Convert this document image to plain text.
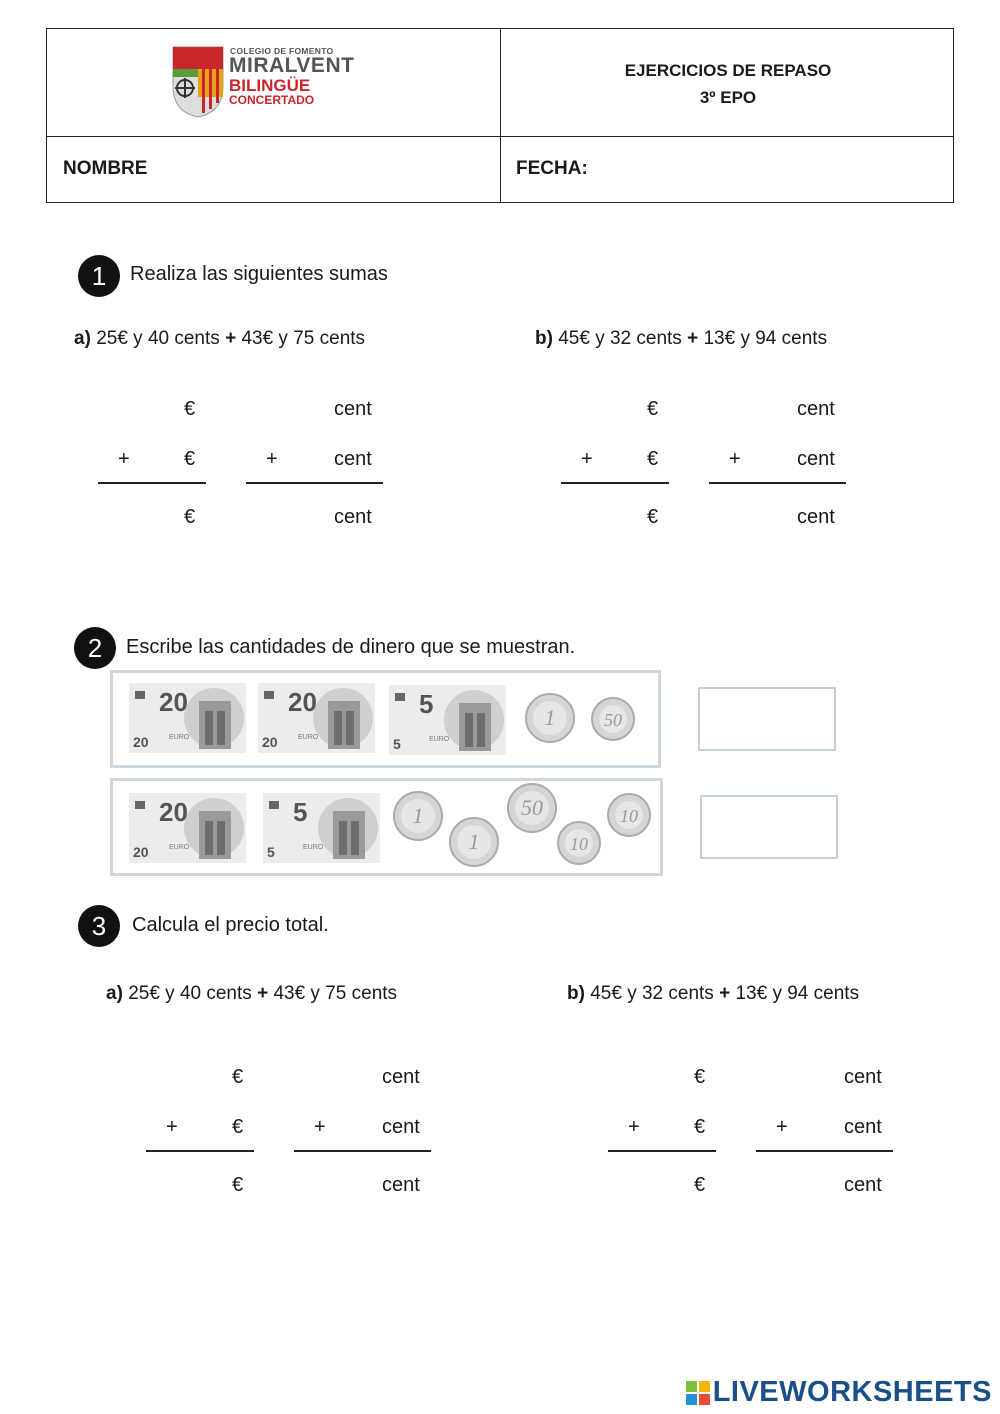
COLEGIO DE FOMENTO
MIRALVENT
BILINGÜE
CONCERTADO
EJERCICIOS DE REPASO
3º EPO
NOMBRE	FECHA:
1	Realiza las siguientes sumas
a) 25€ y 40 cents + 43€ y 75 cents	b) 45€ y 32 cents + 13€ y 94 cents
€	cent
+	€	+	cent
€	cent
€	cent
+	€	+	cent
€	cent
2	Escribe las cantidades de dinero que se muestran.
20
20	EURO
20
20	EURO
5
5	EURO
1	50
20
20	EURO
5
5	EURO
1
1
50
10
10
3	Calcula el precio total.
a) 25€ y 40 cents + 43€ y 75 cents	b) 45€ y 32 cents + 13€ y 94 cents
€	cent
+	€	+	cent
€	cent
€	cent
+	€	+	cent
€	cent
LIVEWORKSHEETS
